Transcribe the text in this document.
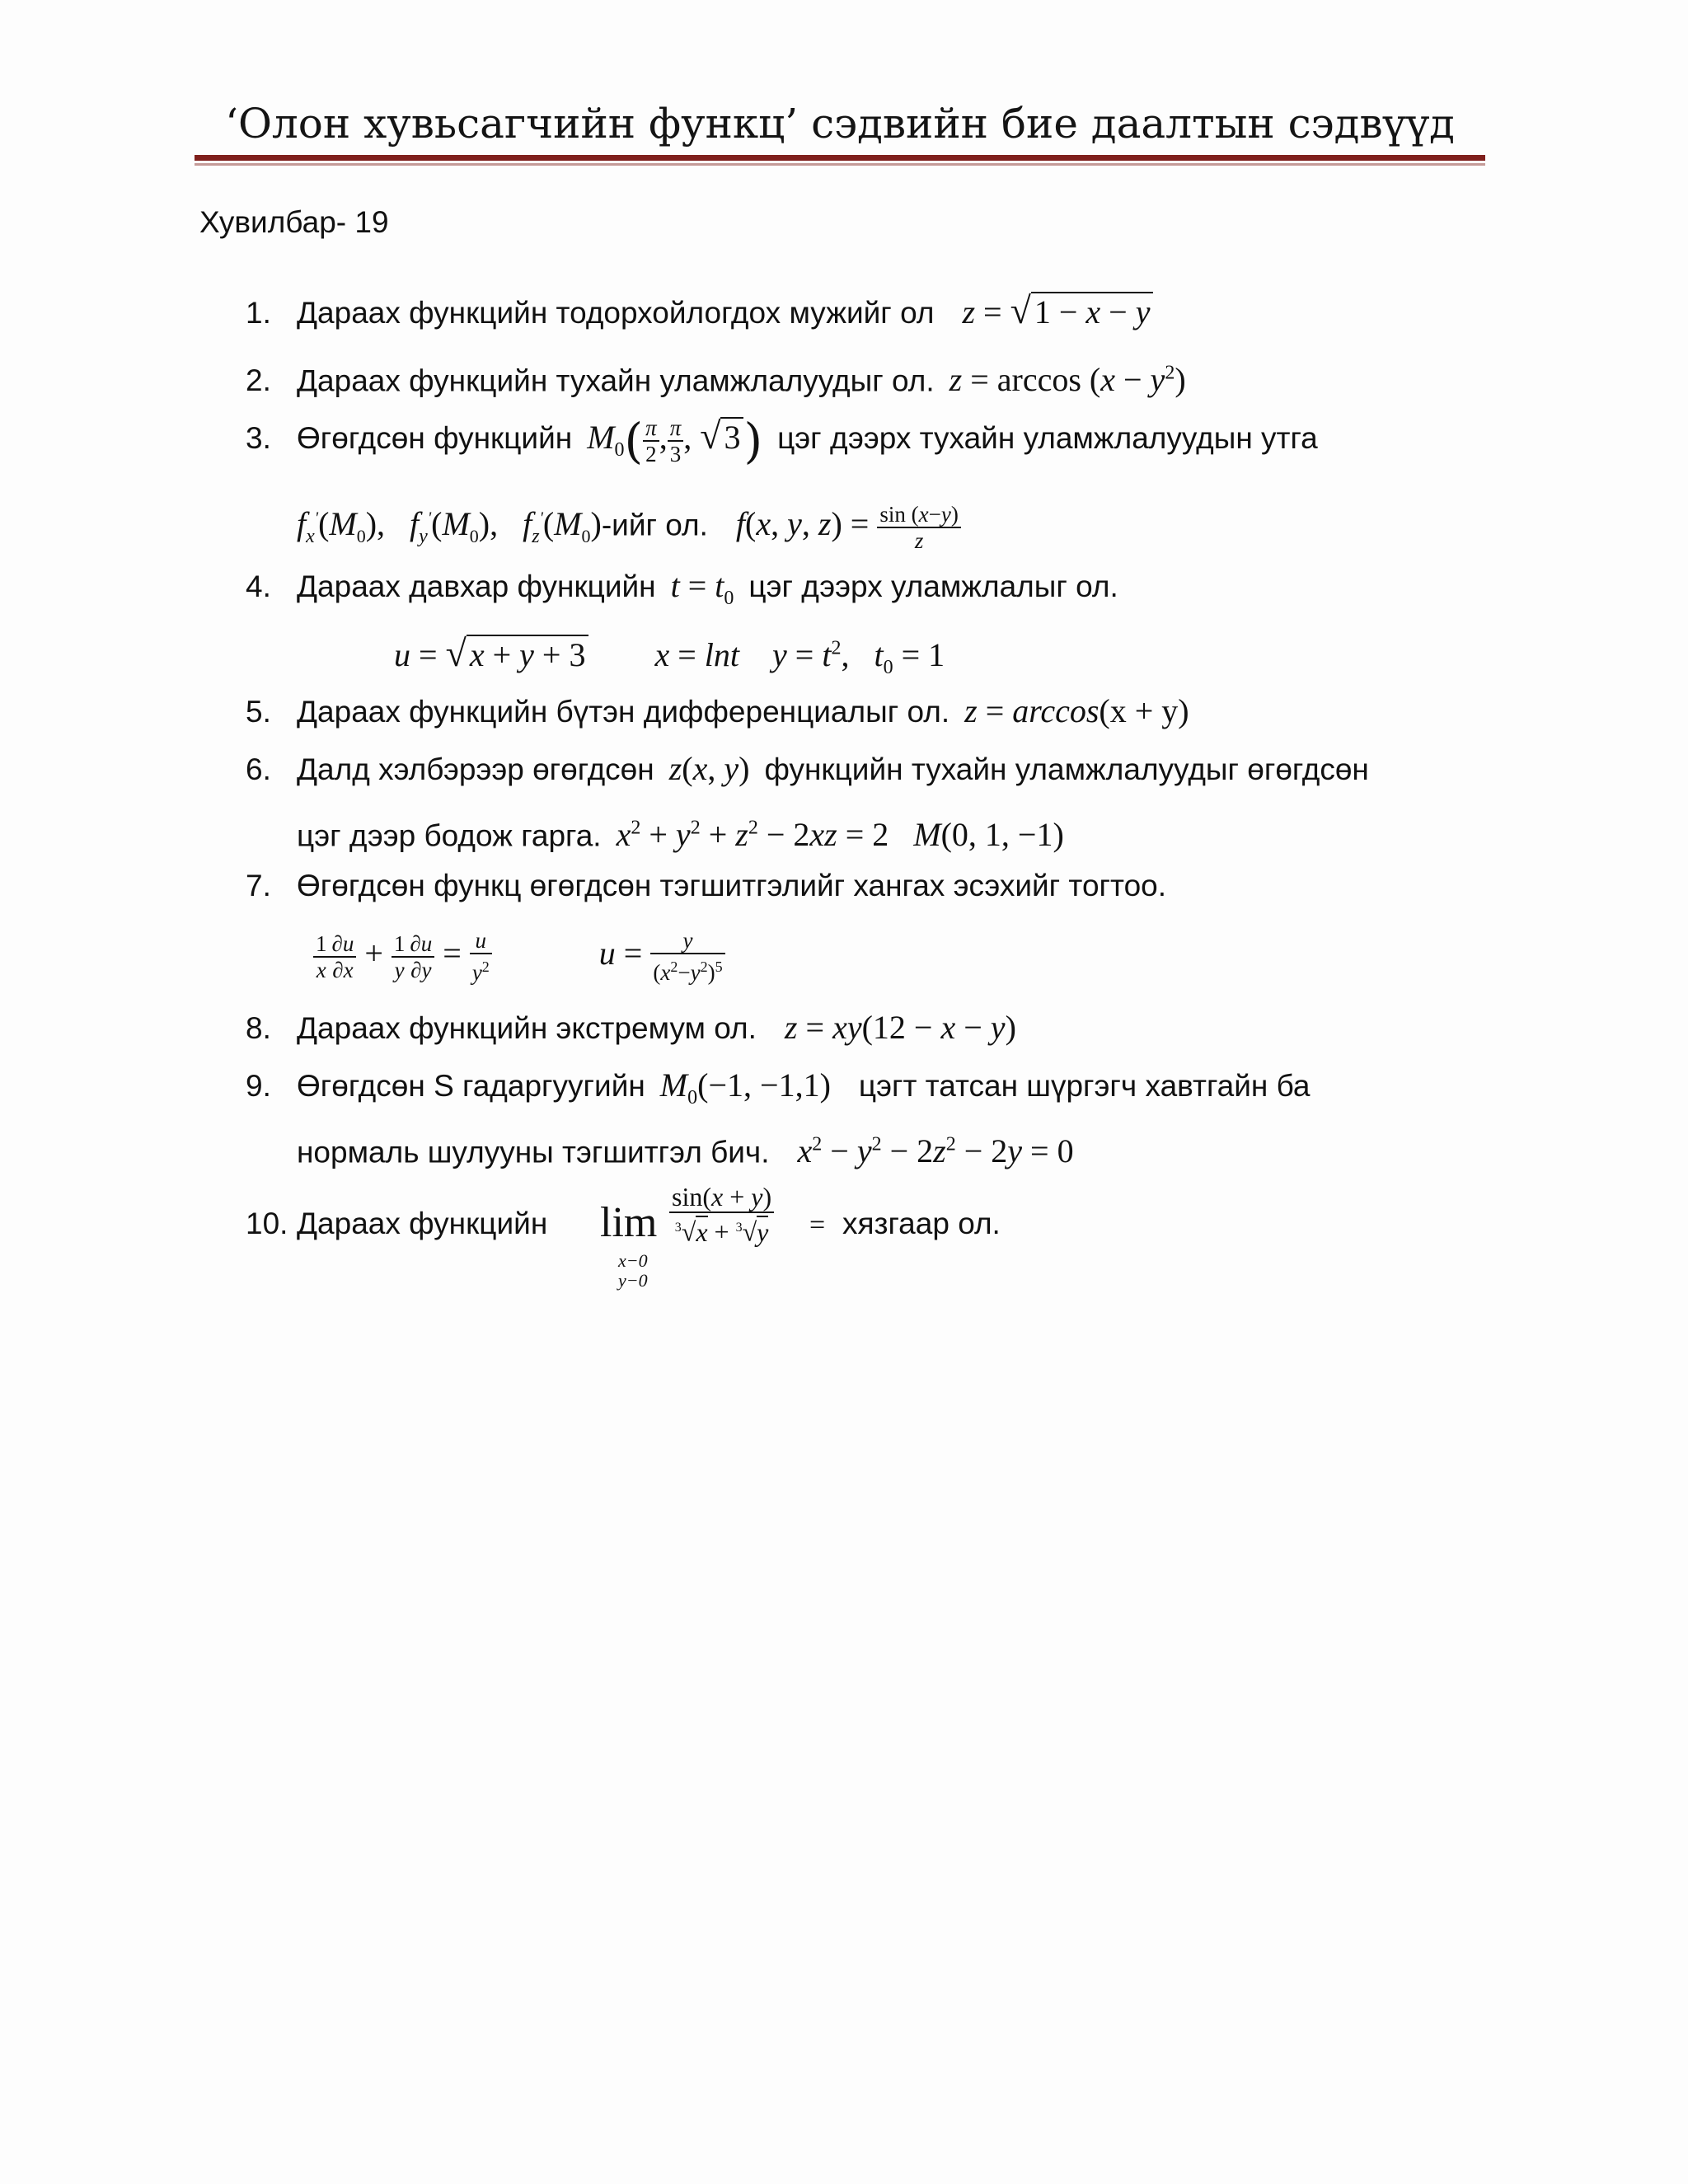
‘Олон хувьсагчийн функц’ сэдвийн бие даалтын сэдвүүд
Хувилбар- 19
1. Дараах функцийн тодорхойлогдох мужийг ол z = √ 1 − x − y
2. Дараах функцийн тухайн уламжлалуудыг ол. $z = \arccos (x - y^2)$
3. Өгөгдсөн функцийн $M_0( \frac{\pi}{2}$ , $\frac{\pi}{3}$ , √ 3) цэг дээрх тухайн уламжлалуудын утга
$f_x'(M_0)$,   $f_y'(M_0)$,   $f_z'(M_0)$-ийг ол. f(x, y, $z) = \frac{\sin (x-y)}{z}$
4. Дараах давхар функцийн $t = t_0$ цэг дээрх уламжлалыг ол.
u = √ x + y + 3        x = lnt    $y = t^2$,   $t_0 = 1$
5. Дараах функцийн бүтэн дифференциалыг ол. z = arccos(x + y)
6. Далд хэлбэрээр өгөгдсөн z(x, y) функцийн тухайн уламжлалуудыг өгөгдсөн
цэг дээр бодож гарга. $x^2 + y^2 + z^2 - 2xz = 2$   M(0, 1, −1)
7. Өгөгдсөн функц өгөгдсөн тэгшитгэлийг хангах эсэхийг тогтоо.
$\frac{1}{x} \frac{\partial u}{\partial x} + \frac{1}{y} \frac{\partial u}{\partial y} = \frac{u}{y^2}$	$u = \frac{y}{(x^2-y^2)^5}$
8. Дараах функцийн экстремум ол. z = xy(12 − x − y)
9. Өгөгдсөн S гадаргуугийн $M_0(-1$, −1,1) цэгт татсан шүргэгч хавтгайн ба
нормаль шулууны тэгшитгэл бич. $x^2 - y^2 - 2z^2 - 2y = 0$
10. Дараах функцийн lim
x−0
y−0
$\frac{\sin(x + y)}{^3√x + ^3√y}$ = хязгаар ол.
